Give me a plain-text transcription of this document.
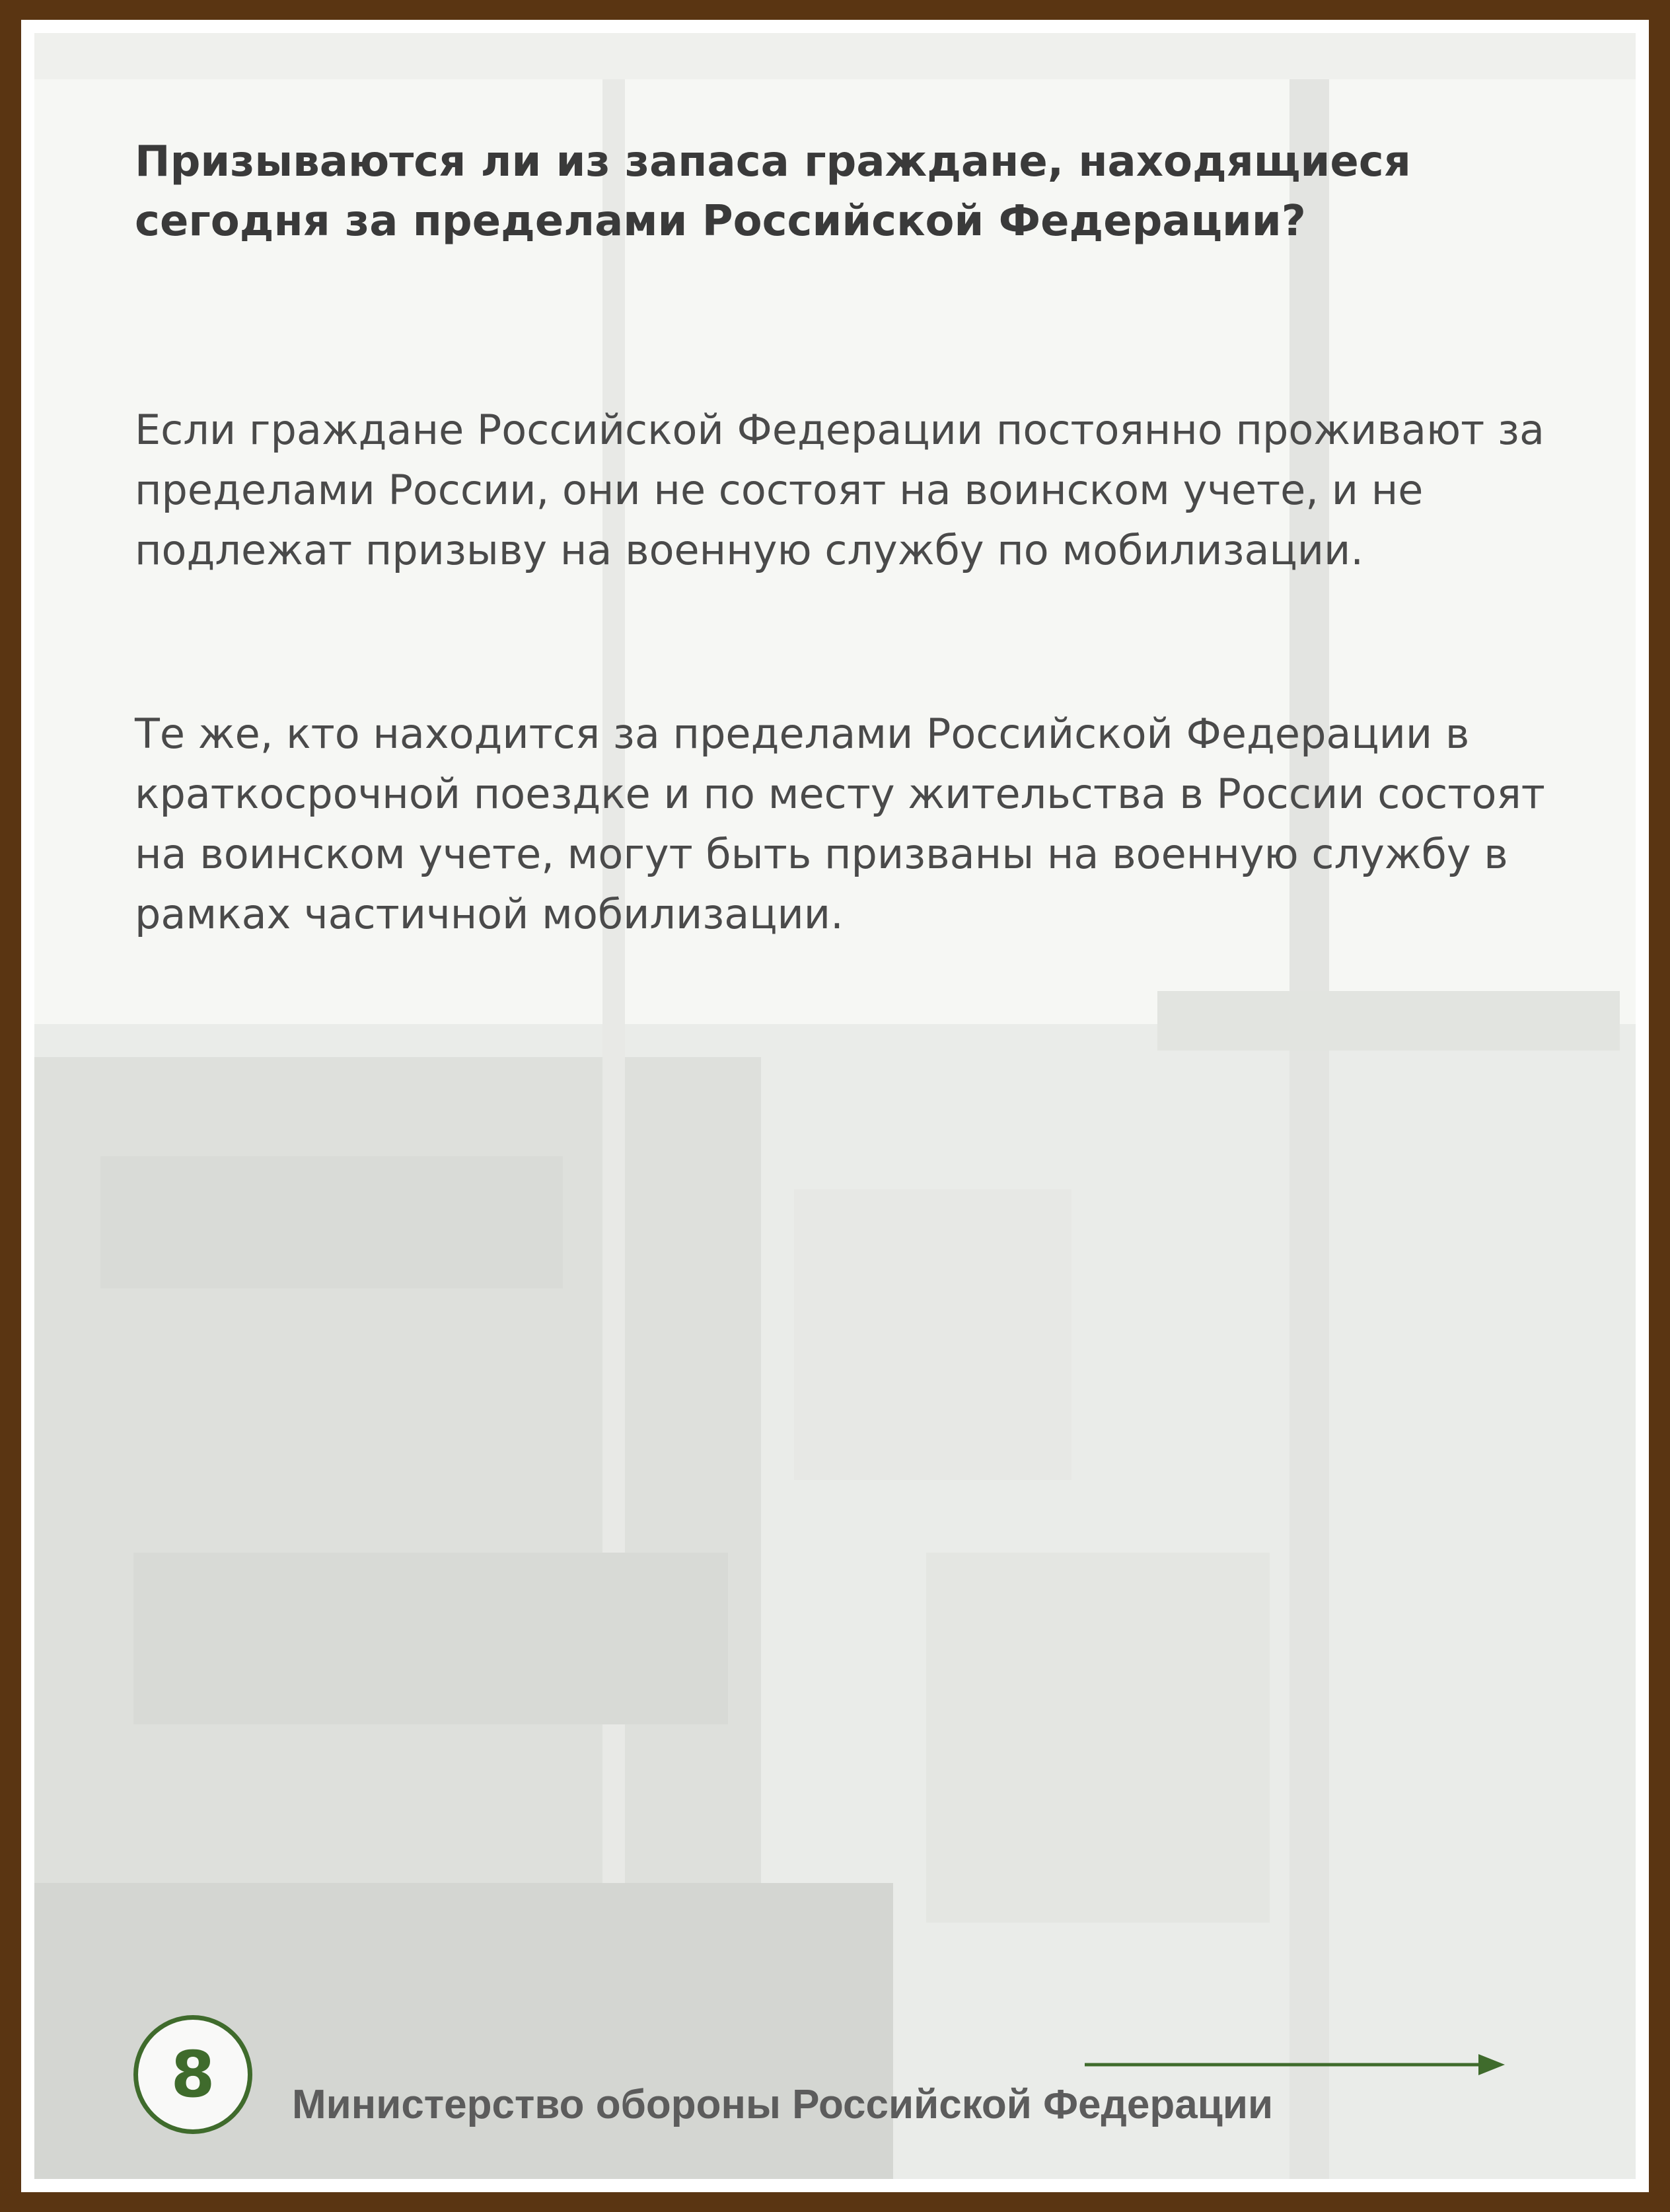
Призываются ли из запаса граждане, находящиеся сегодня за пределами Российской Федерации?

Если граждане Российской Федерации постоянно проживают за пределами России, они не состоят на воинском учете, и не подлежат призыву на военную службу по мобилизации.

Те же, кто находится за пределами Российской Федерации в краткосрочной поездке и по месту жительства в России состоят на воинском учете, могут быть призваны на военную службу в рамках частичной мобилизации.

8 Министерство обороны Российской Федерации
